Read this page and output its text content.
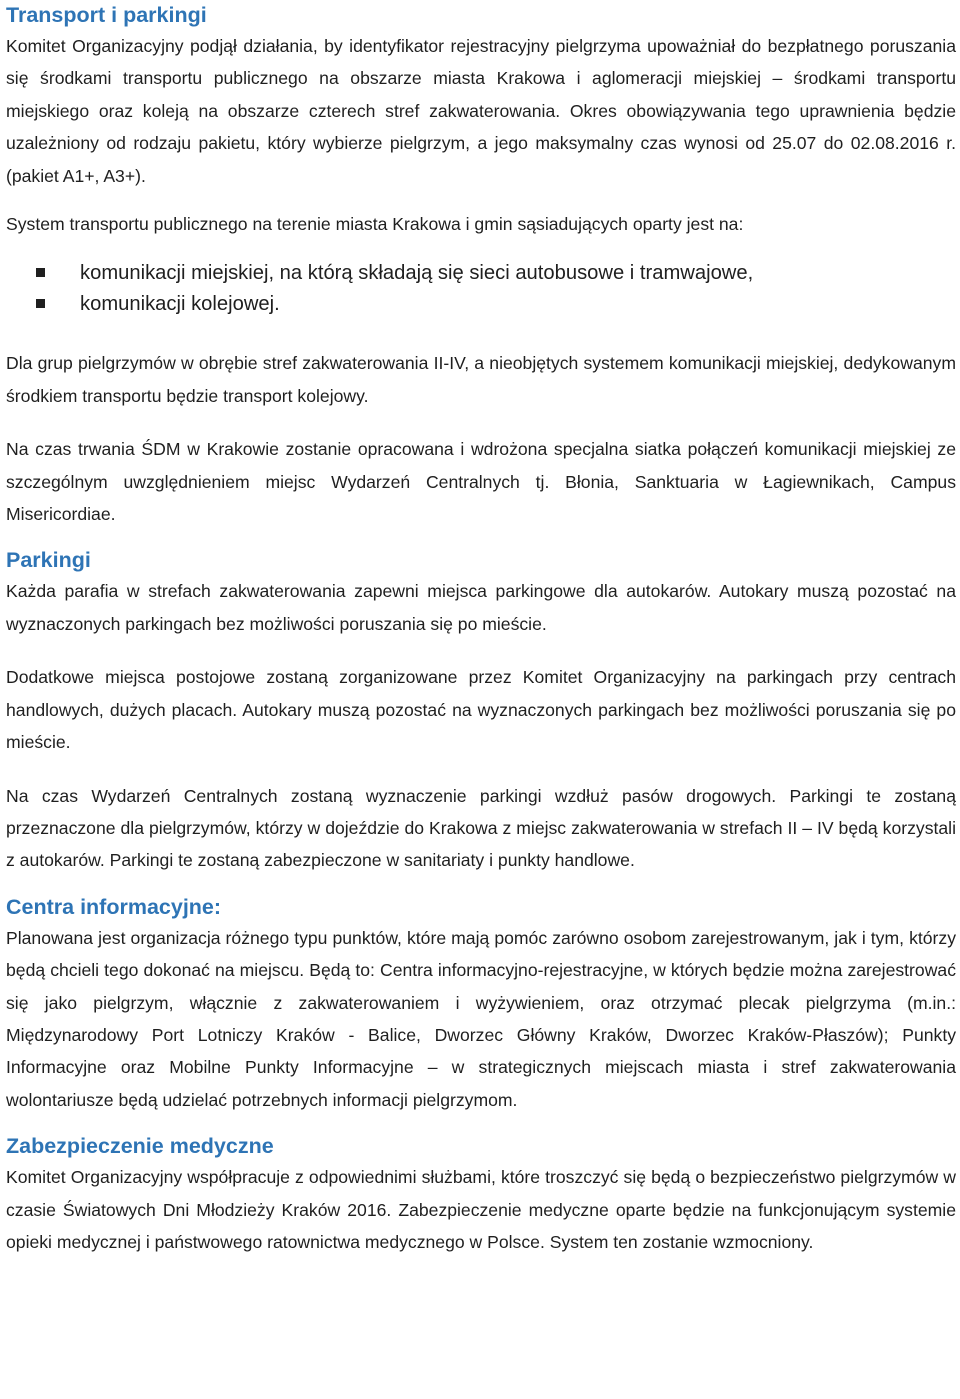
Transport i parkingi

Komitet Organizacyjny podjął działania, by identyfikator rejestracyjny pielgrzyma upoważniał do bezpłatnego poruszania się środkami transportu publicznego na obszarze miasta Krakowa i aglomeracji miejskiej – środkami transportu miejskiego oraz koleją na obszarze czterech stref zakwaterowania. Okres obowiązywania tego uprawnienia będzie uzależniony od rodzaju pakietu, który wybierze pielgrzym, a jego maksymalny czas wynosi od 25.07 do 02.08.2016 r. (pakiet A1+, A3+).

System transportu publicznego na terenie miasta Krakowa i gmin sąsiadujących oparty jest na:

komunikacji miejskiej, na którą składają się sieci autobusowe i tramwajowe,
komunikacji kolejowej.

Dla grup pielgrzymów w obrębie stref zakwaterowania II-IV, a nieobjętych systemem komunikacji miejskiej, dedykowanym środkiem transportu będzie transport kolejowy.

Na czas trwania ŚDM w Krakowie zostanie opracowana i wdrożona specjalna siatka połączeń komunikacji miejskiej ze szczególnym uwzględnieniem miejsc Wydarzeń Centralnych tj. Błonia, Sanktuaria w Łagiewnikach, Campus Misericordiae.

Parkingi

Każda parafia w strefach zakwaterowania zapewni miejsca parkingowe dla autokarów. Autokary muszą pozostać na wyznaczonych parkingach bez możliwości poruszania się po mieście.

Dodatkowe miejsca postojowe zostaną zorganizowane przez Komitet Organizacyjny na parkingach przy centrach handlowych, dużych placach. Autokary muszą pozostać na wyznaczonych parkingach bez możliwości poruszania się po mieście.

Na czas Wydarzeń Centralnych zostaną wyznaczenie parkingi wzdłuż pasów drogowych. Parkingi te zostaną przeznaczone dla pielgrzymów, którzy w dojeździe do Krakowa z miejsc zakwaterowania w strefach II – IV będą korzystali z autokarów. Parkingi te zostaną zabezpieczone w sanitariaty i punkty handlowe.

Centra informacyjne:

Planowana jest organizacja różnego typu punktów, które mają pomóc zarówno osobom zarejestrowanym, jak i tym, którzy będą chcieli tego dokonać na miejscu. Będą to: Centra informacyjno-rejestracyjne, w których będzie można zarejestrować się jako pielgrzym, włącznie z zakwaterowaniem i wyżywieniem, oraz otrzymać plecak pielgrzyma (m.in.: Międzynarodowy Port Lotniczy Kraków - Balice, Dworzec Główny Kraków, Dworzec Kraków-Płaszów); Punkty Informacyjne oraz Mobilne Punkty Informacyjne – w strategicznych miejscach miasta i stref zakwaterowania wolontariusze będą udzielać potrzebnych informacji pielgrzymom.

Zabezpieczenie medyczne

Komitet Organizacyjny współpracuje z odpowiednimi służbami, które troszczyć się będą o bezpieczeństwo pielgrzymów w czasie Światowych Dni Młodzieży Kraków 2016. Zabezpieczenie medyczne oparte będzie na funkcjonującym systemie opieki medycznej i państwowego ratownictwa medycznego w Polsce. System ten zostanie wzmocniony.
